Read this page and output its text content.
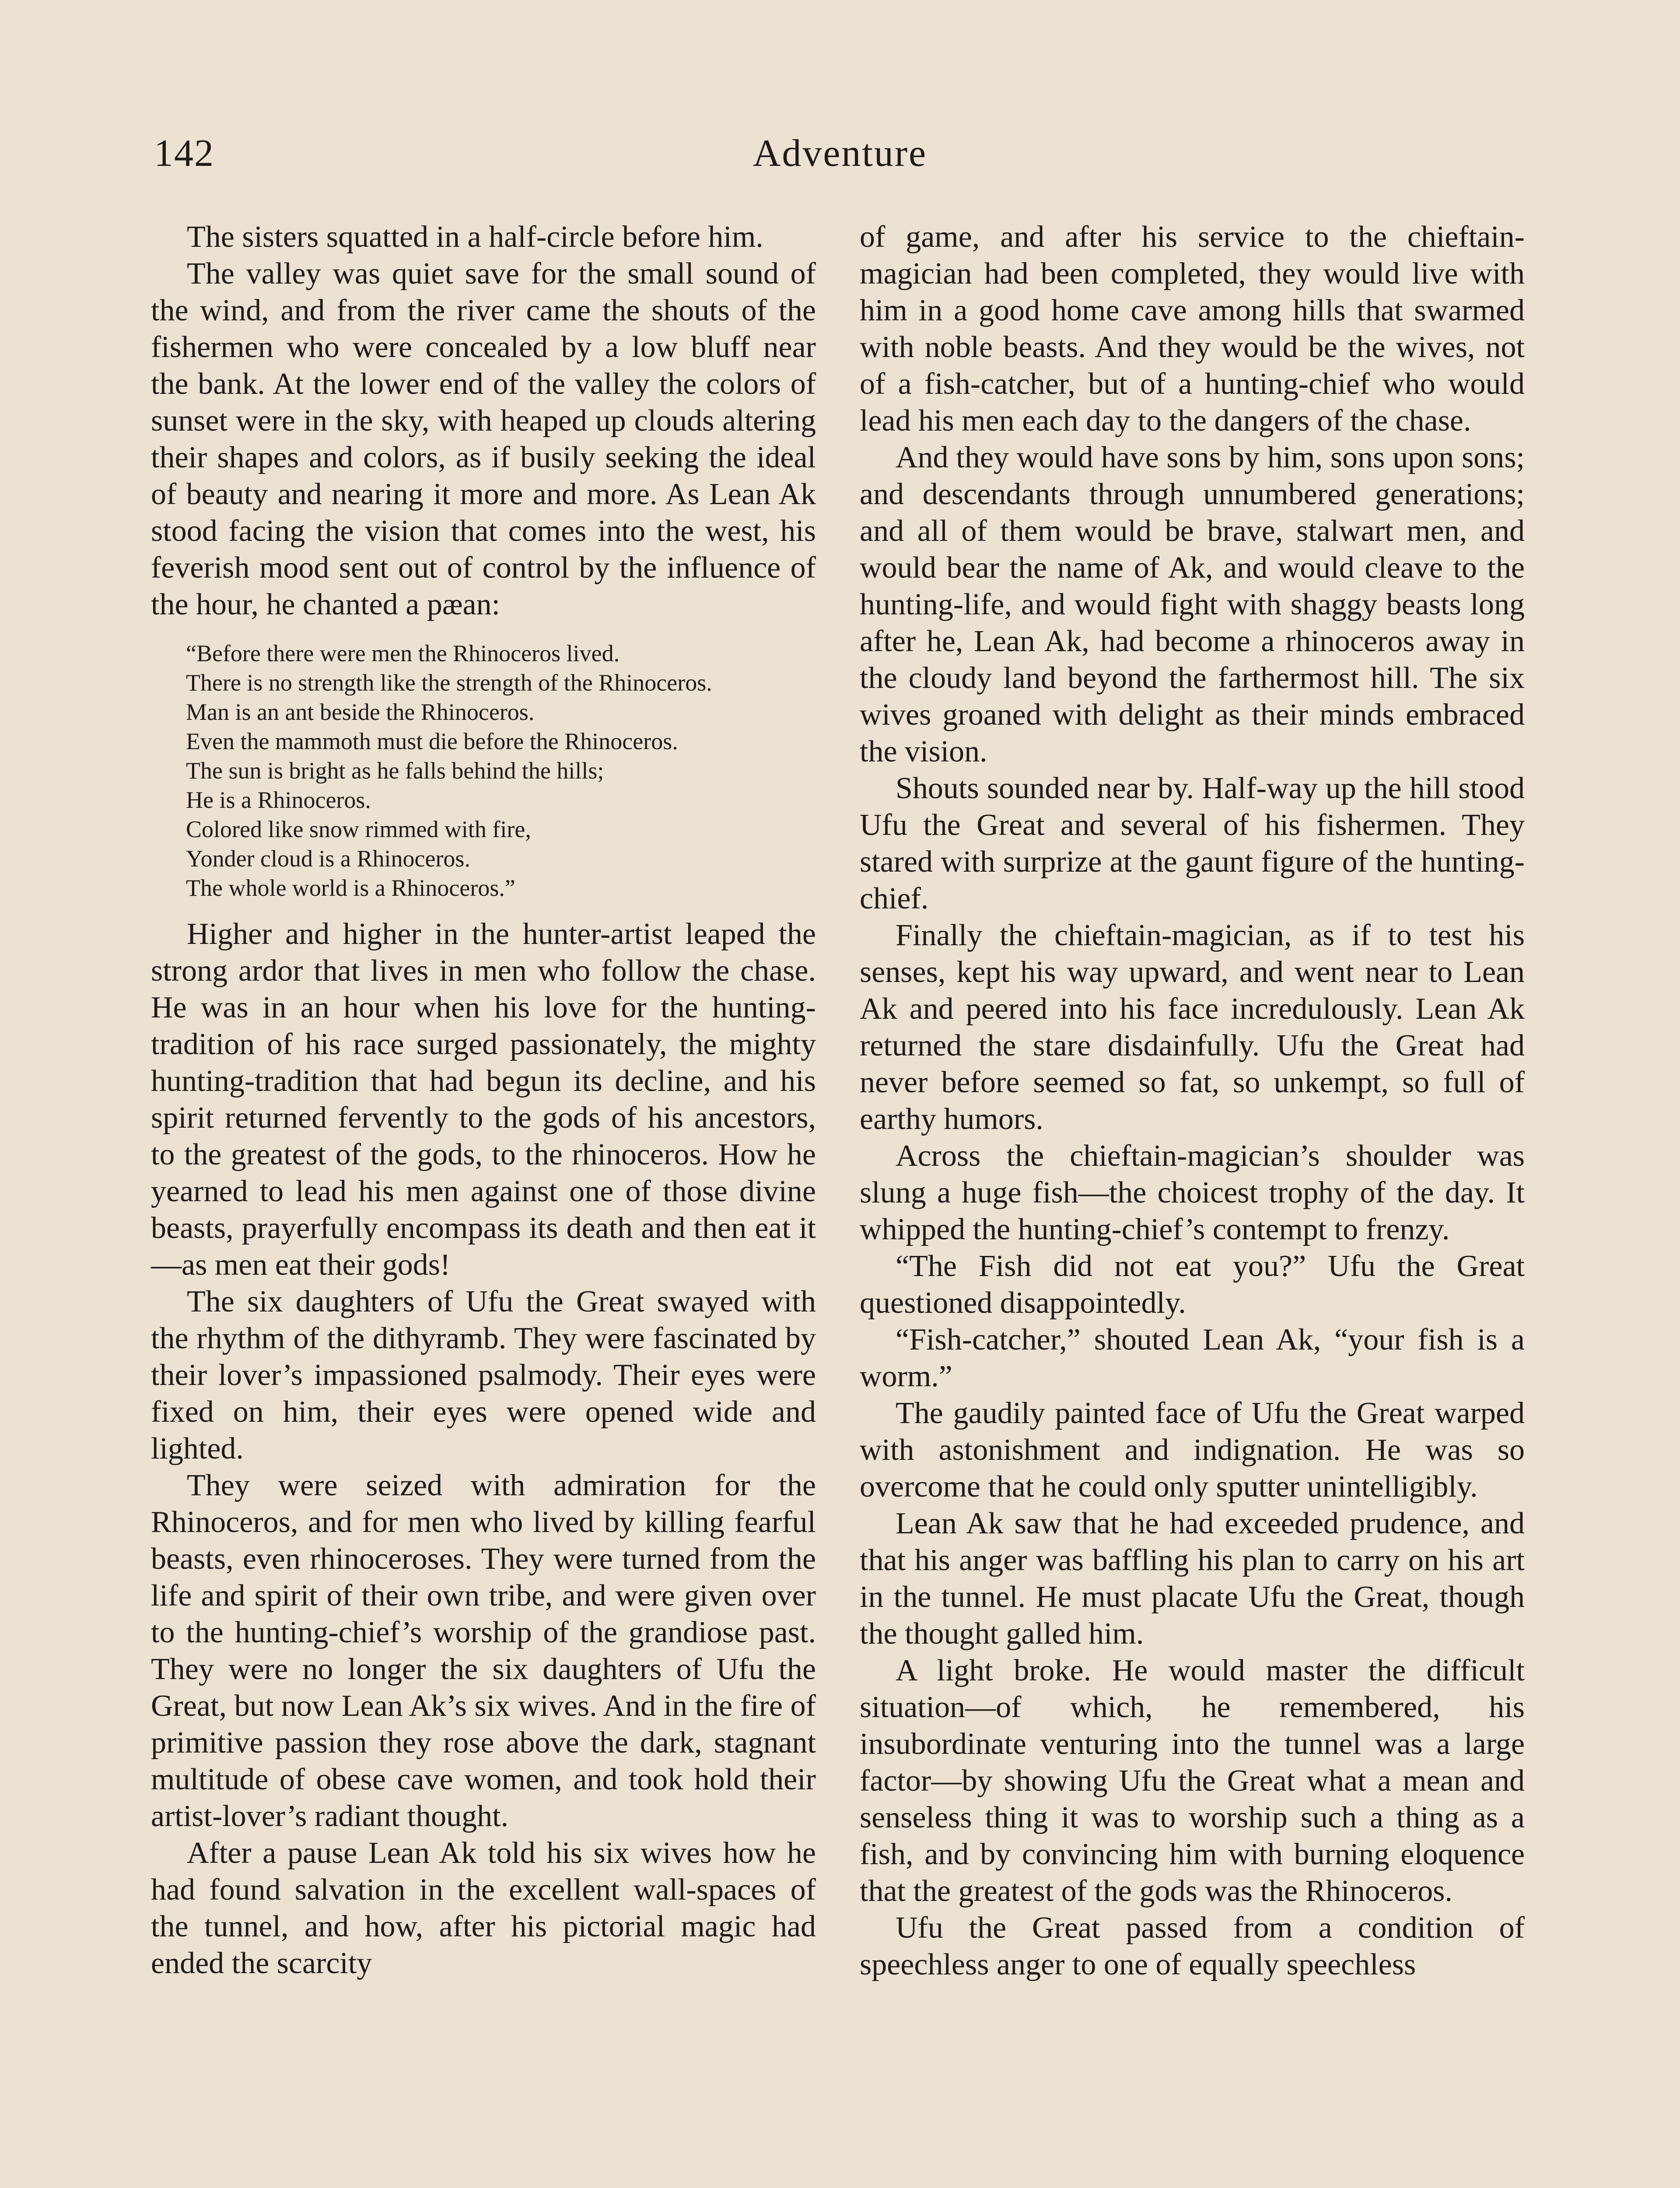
142	Adventure

The sisters squatted in a half-circle before him.

The valley was quiet save for the small sound of the wind, and from the river came the shouts of the fishermen who were concealed by a low bluff near the bank. At the lower end of the valley the colors of sunset were in the sky, with heaped up clouds altering their shapes and colors, as if busily seeking the ideal of beauty and nearing it more and more. As Lean Ak stood facing the vision that comes into the west, his feverish mood sent out of control by the influence of the hour, he chanted a pæan:

“Before there were men the Rhinoceros lived.
There is no strength like the strength of the Rhinoceros.
Man is an ant beside the Rhinoceros.
Even the mammoth must die before the Rhinoceros.
The sun is bright as he falls behind the hills;
He is a Rhinoceros.
Colored like snow rimmed with fire,
Yonder cloud is a Rhinoceros.
The whole world is a Rhinoceros.”

Higher and higher in the hunter-artist leaped the strong ardor that lives in men who follow the chase. He was in an hour when his love for the hunting-tradition of his race surged passionately, the mighty hunting-tradition that had begun its decline, and his spirit returned fervently to the gods of his ancestors, to the greatest of the gods, to the rhinoceros. How he yearned to lead his men against one of those divine beasts, prayerfully encompass its death and then eat it—as men eat their gods!

The six daughters of Ufu the Great swayed with the rhythm of the dithyramb. They were fascinated by their lover’s impassioned psalmody. Their eyes were fixed on him, their eyes were opened wide and lighted.

They were seized with admiration for the Rhinoceros, and for men who lived by killing fearful beasts, even rhinoceroses. They were turned from the life and spirit of their own tribe, and were given over to the hunting-chief’s worship of the grandiose past. They were no longer the six daughters of Ufu the Great, but now Lean Ak’s six wives. And in the fire of primitive passion they rose above the dark, stagnant multitude of obese cave women, and took hold their artist-lover’s radiant thought.

After a pause Lean Ak told his six wives how he had found salvation in the excellent wall-spaces of the tunnel, and how, after his pictorial magic had ended the scarcity

of game, and after his service to the chieftain-magician had been completed, they would live with him in a good home cave among hills that swarmed with noble beasts. And they would be the wives, not of a fish-catcher, but of a hunting-chief who would lead his men each day to the dangers of the chase.

And they would have sons by him, sons upon sons; and descendants through unnumbered generations; and all of them would be brave, stalwart men, and would bear the name of Ak, and would cleave to the hunting-life, and would fight with shaggy beasts long after he, Lean Ak, had become a rhinoceros away in the cloudy land beyond the farthermost hill. The six wives groaned with delight as their minds embraced the vision.

Shouts sounded near by. Half-way up the hill stood Ufu the Great and several of his fishermen. They stared with surprize at the gaunt figure of the hunting-chief.

Finally the chieftain-magician, as if to test his senses, kept his way upward, and went near to Lean Ak and peered into his face incredulously. Lean Ak returned the stare disdainfully. Ufu the Great had never before seemed so fat, so unkempt, so full of earthy humors.

Across the chieftain-magician’s shoulder was slung a huge fish—the choicest trophy of the day. It whipped the hunting-chief’s contempt to frenzy.

“The Fish did not eat you?” Ufu the Great questioned disappointedly.

“Fish-catcher,” shouted Lean Ak, “your fish is a worm.”

The gaudily painted face of Ufu the Great warped with astonishment and indignation. He was so overcome that he could only sputter unintelligibly.

Lean Ak saw that he had exceeded prudence, and that his anger was baffling his plan to carry on his art in the tunnel. He must placate Ufu the Great, though the thought galled him.

A light broke. He would master the difficult situation—of which, he remembered, his insubordinate venturing into the tunnel was a large factor—by showing Ufu the Great what a mean and senseless thing it was to worship such a thing as a fish, and by convincing him with burning eloquence that the greatest of the gods was the Rhinoceros.

Ufu the Great passed from a condition of speechless anger to one of equally speechless
